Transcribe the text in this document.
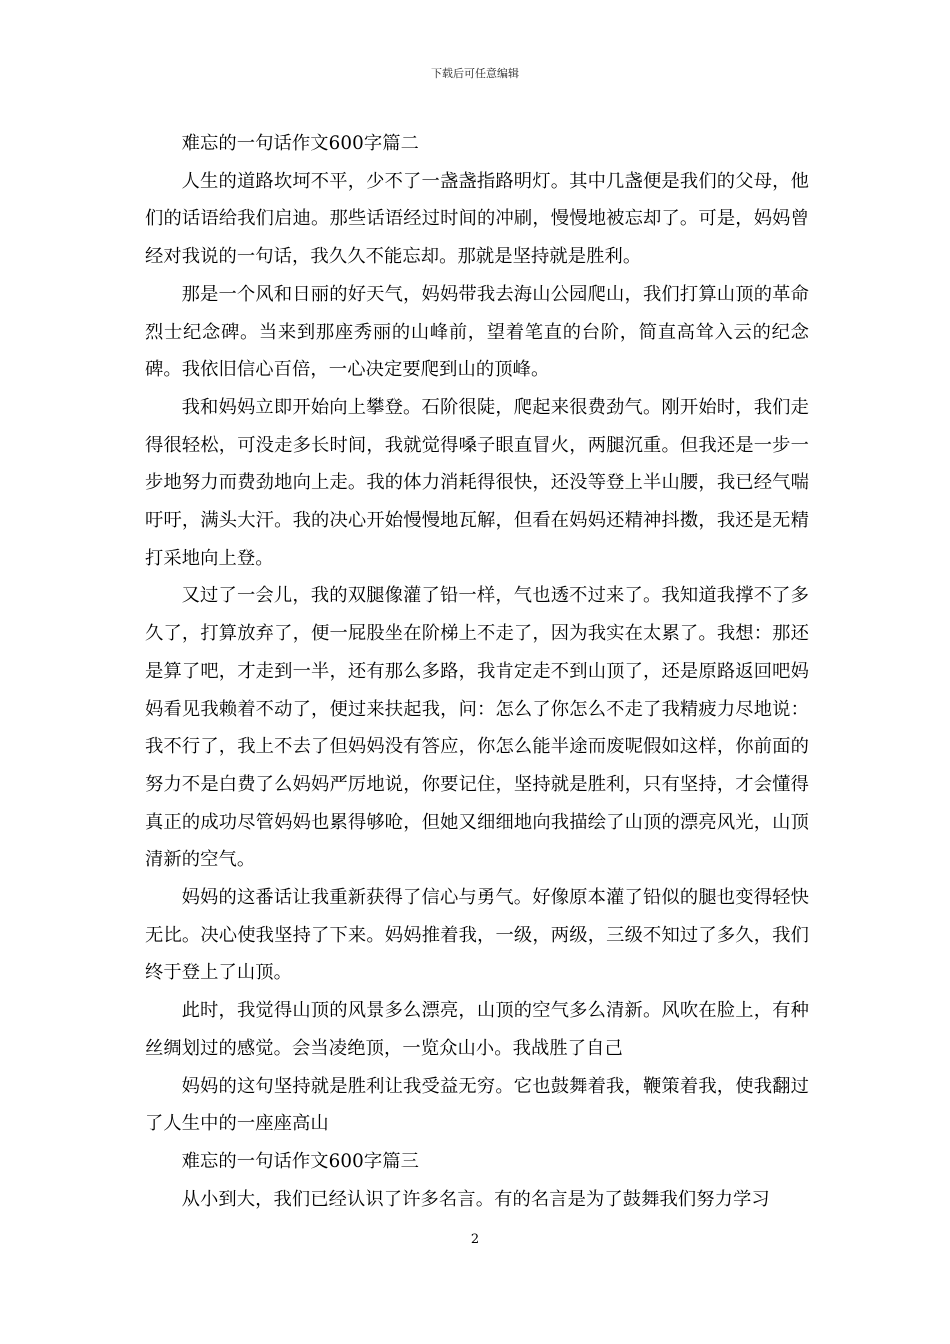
下载后可任意编辑

难忘的一句话作文600字篇二

人生的道路坎坷不平，少不了一盏盏指路明灯。其中几盏便是我们的父母，他们的话语给我们启迪。那些话语经过时间的冲刷，慢慢地被忘却了。可是，妈妈曾经对我说的一句话，我久久不能忘却。那就是坚持就是胜利。

那是一个风和日丽的好天气，妈妈带我去海山公园爬山，我们打算山顶的革命烈士纪念碑。当来到那座秀丽的山峰前，望着笔直的台阶，简直高耸入云的纪念碑。我依旧信心百倍，一心决定要爬到山的顶峰。

我和妈妈立即开始向上攀登。石阶很陡，爬起来很费劲气。刚开始时，我们走得很轻松，可没走多长时间，我就觉得嗓子眼直冒火，两腿沉重。但我还是一步一步地努力而费劲地向上走。我的体力消耗得很快，还没等登上半山腰，我已经气喘吁吁，满头大汗。我的决心开始慢慢地瓦解，但看在妈妈还精神抖擞，我还是无精打采地向上登。

又过了一会儿，我的双腿像灌了铅一样，气也透不过来了。我知道我撑不了多久了，打算放弃了，便一屁股坐在阶梯上不走了，因为我实在太累了。我想：那还是算了吧，才走到一半，还有那么多路，我肯定走不到山顶了，还是原路返回吧妈妈看见我赖着不动了，便过来扶起我，问：怎么了你怎么不走了我精疲力尽地说：我不行了，我上不去了但妈妈没有答应，你怎么能半途而废呢假如这样，你前面的努力不是白费了么妈妈严厉地说，你要记住，坚持就是胜利，只有坚持，才会懂得真正的成功尽管妈妈也累得够呛，但她又细细地向我描绘了山顶的漂亮风光，山顶清新的空气。

妈妈的这番话让我重新获得了信心与勇气。好像原本灌了铅似的腿也变得轻快无比。决心使我坚持了下来。妈妈推着我，一级，两级，三级不知过了多久，我们终于登上了山顶。

此时，我觉得山顶的风景多么漂亮，山顶的空气多么清新。风吹在脸上，有种丝绸划过的感觉。会当凌绝顶，一览众山小。我战胜了自己

妈妈的这句坚持就是胜利让我受益无穷。它也鼓舞着我，鞭策着我，使我翻过了人生中的一座座高山

难忘的一句话作文600字篇三

从小到大，我们已经认识了许多名言。有的名言是为了鼓舞我们努力学习

2
